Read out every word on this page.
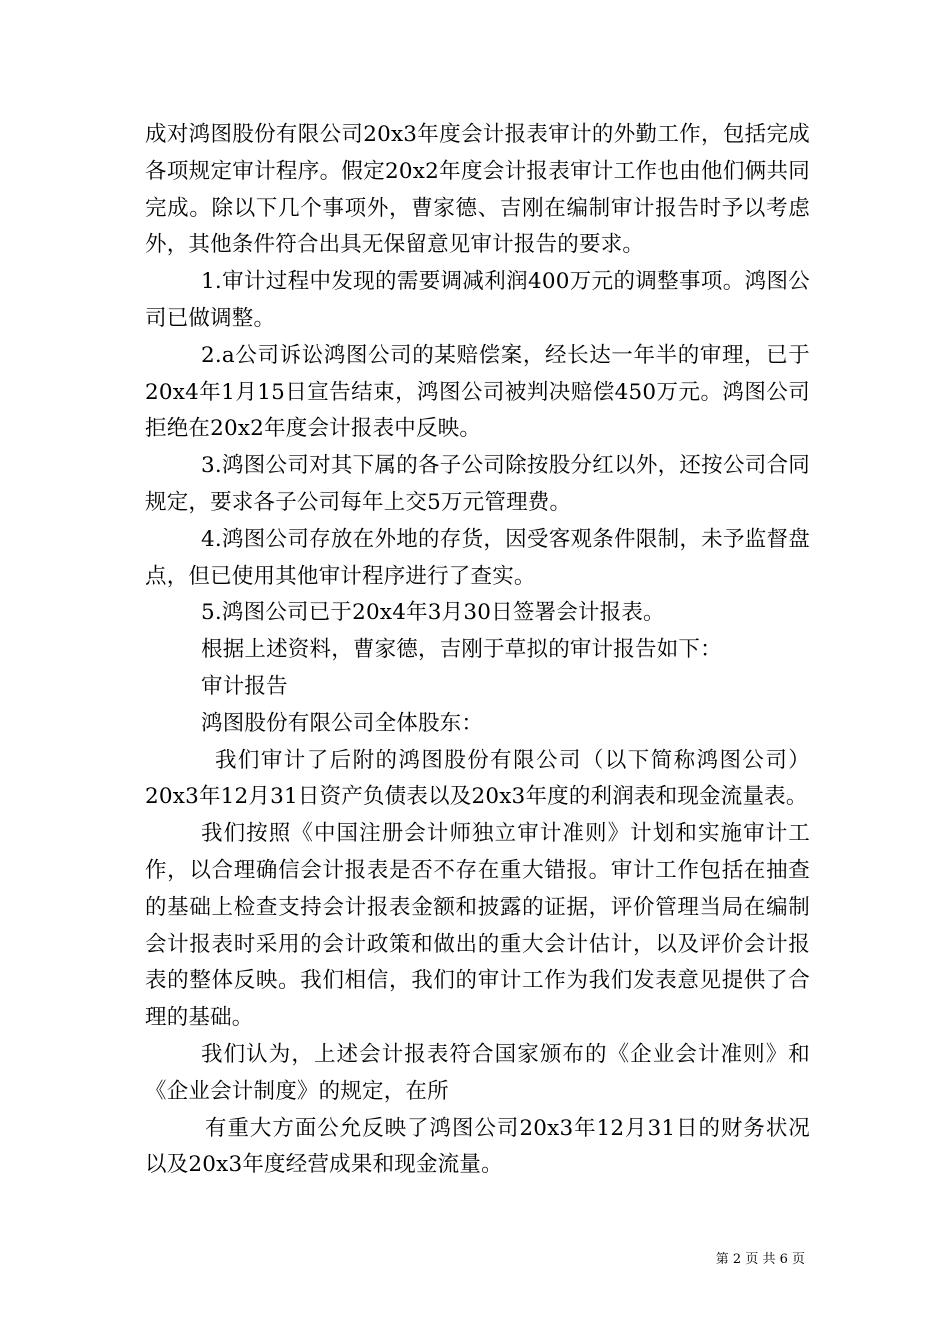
成对鸿图股份有限公司20x3年度会计报表审计的外勤工作，包括完成各项规定审计程序。假定20x2年度会计报表审计工作也由他们俩共同完成。除以下几个事项外，曹家德、吉刚在编制审计报告时予以考虑外，其他条件符合出具无保留意见审计报告的要求。

1.审计过程中发现的需要调减利润400万元的调整事项。鸿图公司已做调整。

2.a公司诉讼鸿图公司的某赔偿案，经长达一年半的审理，已于20x4年1月15日宣告结束，鸿图公司被判决赔偿450万元。鸿图公司拒绝在20x2年度会计报表中反映。

3.鸿图公司对其下属的各子公司除按股分红以外，还按公司合同规定，要求各子公司每年上交5万元管理费。

4.鸿图公司存放在外地的存货，因受客观条件限制，未予监督盘点，但已使用其他审计程序进行了查实。

5.鸿图公司已于20x4年3月30日签署会计报表。

根据上述资料，曹家德，吉刚于草拟的审计报告如下：

审计报告

鸿图股份有限公司全体股东：

我们审计了后附的鸿图股份有限公司（以下简称鸿图公司）20x3年12月31日资产负债表以及20x3年度的利润表和现金流量表。

我们按照《中国注册会计师独立审计准则》计划和实施审计工作，以合理确信会计报表是否不存在重大错报。审计工作包括在抽查的基础上检查支持会计报表金额和披露的证据，评价管理当局在编制会计报表时采用的会计政策和做出的重大会计估计，以及评价会计报表的整体反映。我们相信，我们的审计工作为我们发表意见提供了合理的基础。

我们认为，上述会计报表符合国家颁布的《企业会计准则》和《企业会计制度》的规定，在所

有重大方面公允反映了鸿图公司20x3年12月31日的财务状况以及20x3年度经营成果和现金流量。

第 2 页 共 6 页
